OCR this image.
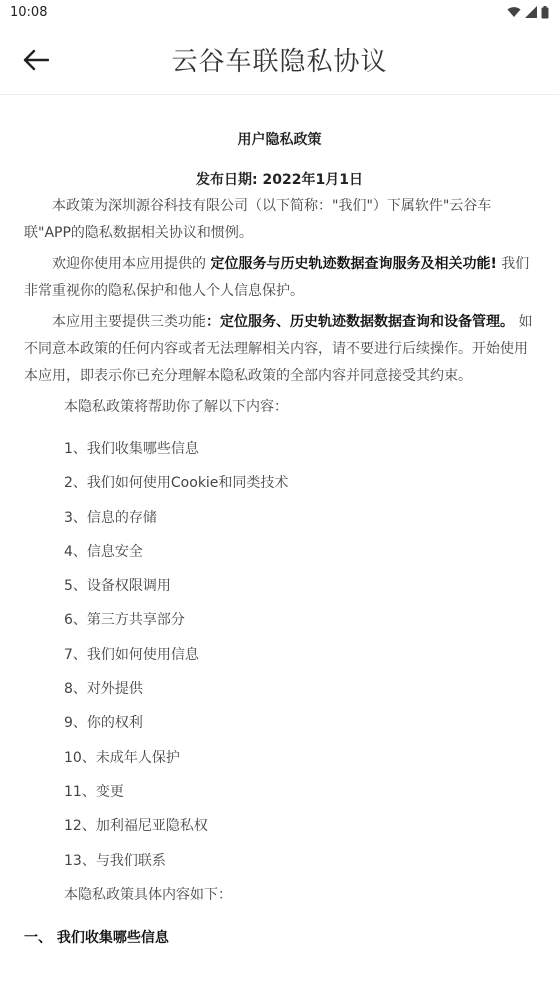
10:08
云谷车联隐私协议
用户隐私政策
发布日期: 2022年1月1日
本政策为深圳源谷科技有限公司（以下简称："我们"）下属软件"云谷车联"APP的隐私数据相关协议和惯例。
欢迎你使用本应用提供的 定位服务与历史轨迹数据查询服务及相关功能! 我们非常重视你的隐私保护和他人个人信息保护。
本应用主要提供三类功能：定位服务、历史轨迹数据数据查询和设备管理。 如不同意本政策的任何内容或者无法理解相关内容，请不要进行后续操作。开始使用本应用，即表示你已充分理解本隐私政策的全部内容并同意接受其约束。
本隐私政策将帮助你了解以下内容：
1、我们收集哪些信息
2、我们如何使用Cookie和同类技术
3、信息的存储
4、信息安全
5、设备权限调用
6、第三方共享部分
7、我们如何使用信息
8、对外提供
9、你的权利
10、未成年人保护
11、变更
12、加利福尼亚隐私权
13、与我们联系
本隐私政策具体内容如下：
一、 我们收集哪些信息
